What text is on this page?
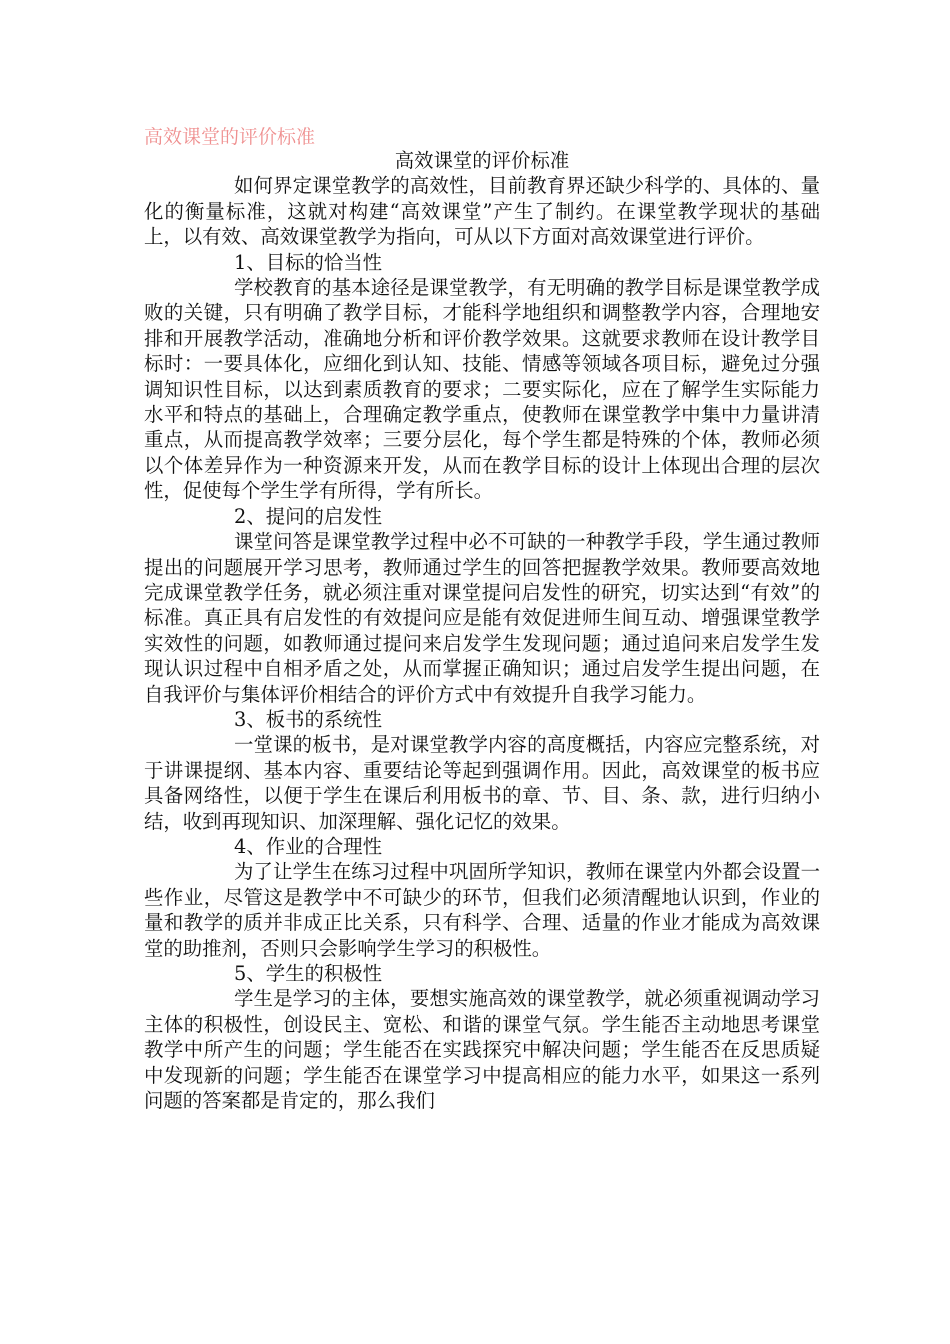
高效课堂的评价标准

高效课堂的评价标准

如何界定课堂教学的高效性，目前教育界还缺少科学的、具体的、量化的衡量标准，这就对构建“高效课堂”产生了制约。在课堂教学现状的基础上，以有效、高效课堂教学为指向，可从以下方面对高效课堂进行评价。

1、目标的恰当性

学校教育的基本途径是课堂教学，有无明确的教学目标是课堂教学成败的关键，只有明确了教学目标，才能科学地组织和调整教学内容，合理地安排和开展教学活动，准确地分析和评价教学效果。这就要求教师在设计教学目标时：一要具体化，应细化到认知、技能、情感等领域各项目标，避免过分强调知识性目标，以达到素质教育的要求；二要实际化，应在了解学生实际能力水平和特点的基础上，合理确定教学重点，使教师在课堂教学中集中力量讲清重点，从而提高教学效率；三要分层化，每个学生都是特殊的个体，教师必须以个体差异作为一种资源来开发，从而在教学目标的设计上体现出合理的层次性，促使每个学生学有所得，学有所长。

2、提问的启发性

课堂问答是课堂教学过程中必不可缺的一种教学手段，学生通过教师提出的问题展开学习思考，教师通过学生的回答把握教学效果。教师要高效地完成课堂教学任务，就必须注重对课堂提问启发性的研究，切实达到“有效”的标准。真正具有启发性的有效提问应是能有效促进师生间互动、增强课堂教学实效性的问题，如教师通过提问来启发学生发现问题；通过追问来启发学生发现认识过程中自相矛盾之处，从而掌握正确知识；通过启发学生提出问题，在自我评价与集体评价相结合的评价方式中有效提升自我学习能力。

3、板书的系统性

一堂课的板书，是对课堂教学内容的高度概括，内容应完整系统，对于讲课提纲、基本内容、重要结论等起到强调作用。因此，高效课堂的板书应具备网络性，以便于学生在课后利用板书的章、节、目、条、款，进行归纳小结，收到再现知识、加深理解、强化记忆的效果。

4、作业的合理性

为了让学生在练习过程中巩固所学知识，教师在课堂内外都会设置一些作业，尽管这是教学中不可缺少的环节，但我们必须清醒地认识到，作业的量和教学的质并非成正比关系，只有科学、合理、适量的作业才能成为高效课堂的助推剂，否则只会影响学生学习的积极性。

5、学生的积极性

学生是学习的主体，要想实施高效的课堂教学，就必须重视调动学习主体的积极性，创设民主、宽松、和谐的课堂气氛。学生能否主动地思考课堂教学中所产生的问题；学生能否在实践探究中解决问题；学生能否在反思质疑中发现新的问题；学生能否在课堂学习中提高相应的能力水平，如果这一系列问题的答案都是肯定的，那么我们
